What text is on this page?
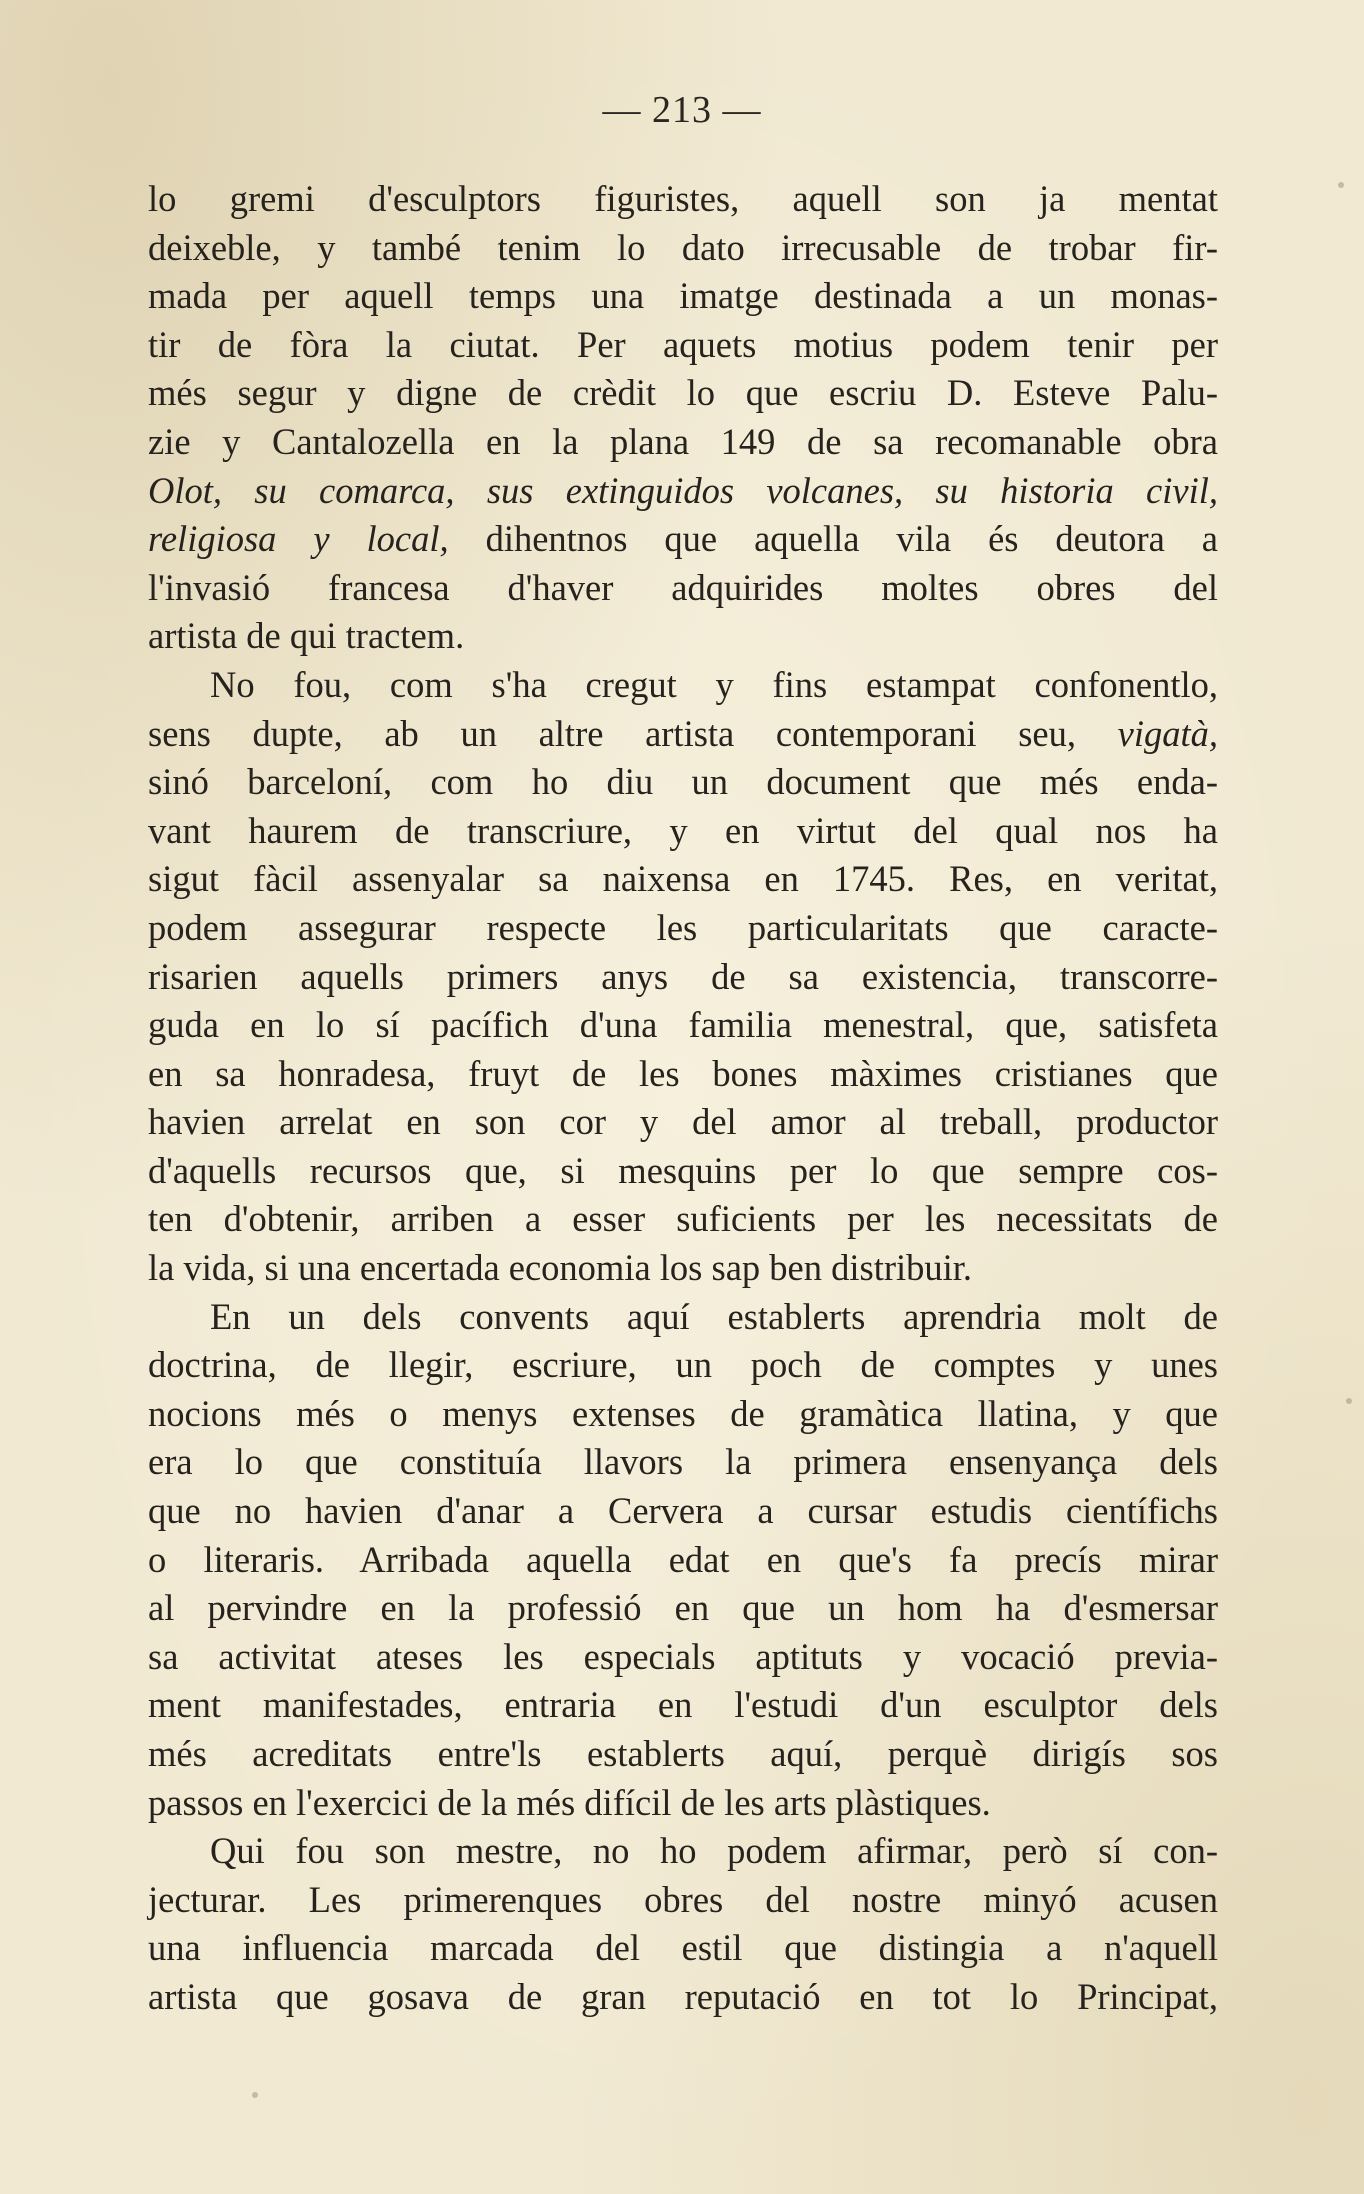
— 213 —
lo gremi d'esculptors figuristes, aquell son ja mentat
deixeble, y també tenim lo dato irrecusable de trobar fir-
mada per aquell temps una imatge destinada a un monas-
tir de fòra la ciutat. Per aquets motius podem tenir per
més segur y digne de crèdit lo que escriu D. Esteve Palu-
zie y Cantalozella en la plana 149 de sa recomanable obra
Olot, su comarca, sus extinguidos volcanes, su historia civil,
religiosa y local, dihentnos que aquella vila és deutora a
l'invasió francesa d'haver adquirides moltes obres del
artista de qui tractem.
No fou, com s'ha cregut y fins estampat confonentlo,
sens dupte, ab un altre artista contemporani seu, vigatà,
sinó barceloní, com ho diu un document que més enda-
vant haurem de transcriure, y en virtut del qual nos ha
sigut fàcil assenyalar sa naixensa en 1745. Res, en veritat,
podem assegurar respecte les particularitats que caracte-
risarien aquells primers anys de sa existencia, transcorre-
guda en lo sí pacífich d'una familia menestral, que, satisfeta
en sa honradesa, fruyt de les bones màximes cristianes que
havien arrelat en son cor y del amor al treball, productor
d'aquells recursos que, si mesquins per lo que sempre cos-
ten d'obtenir, arriben a esser suficients per les necessitats de
la vida, si una encertada economia los sap ben distribuir.
En un dels convents aquí establerts aprendria molt de
doctrina, de llegir, escriure, un poch de comptes y unes
nocions més o menys extenses de gramàtica llatina, y que
era lo que constituía llavors la primera ensenyança dels
que no havien d'anar a Cervera a cursar estudis científichs
o literaris. Arribada aquella edat en que's fa precís mirar
al pervindre en la professió en que un hom ha d'esmersar
sa activitat ateses les especials aptituts y vocació previa-
ment manifestades, entraria en l'estudi d'un esculptor dels
més acreditats entre'ls establerts aquí, perquè dirigís sos
passos en l'exercici de la més difícil de les arts plàstiques.
Qui fou son mestre, no ho podem afirmar, però sí con-
jecturar. Les primerenques obres del nostre minyó acusen
una influencia marcada del estil que distingia a n'aquell
artista que gosava de gran reputació en tot lo Principat,
